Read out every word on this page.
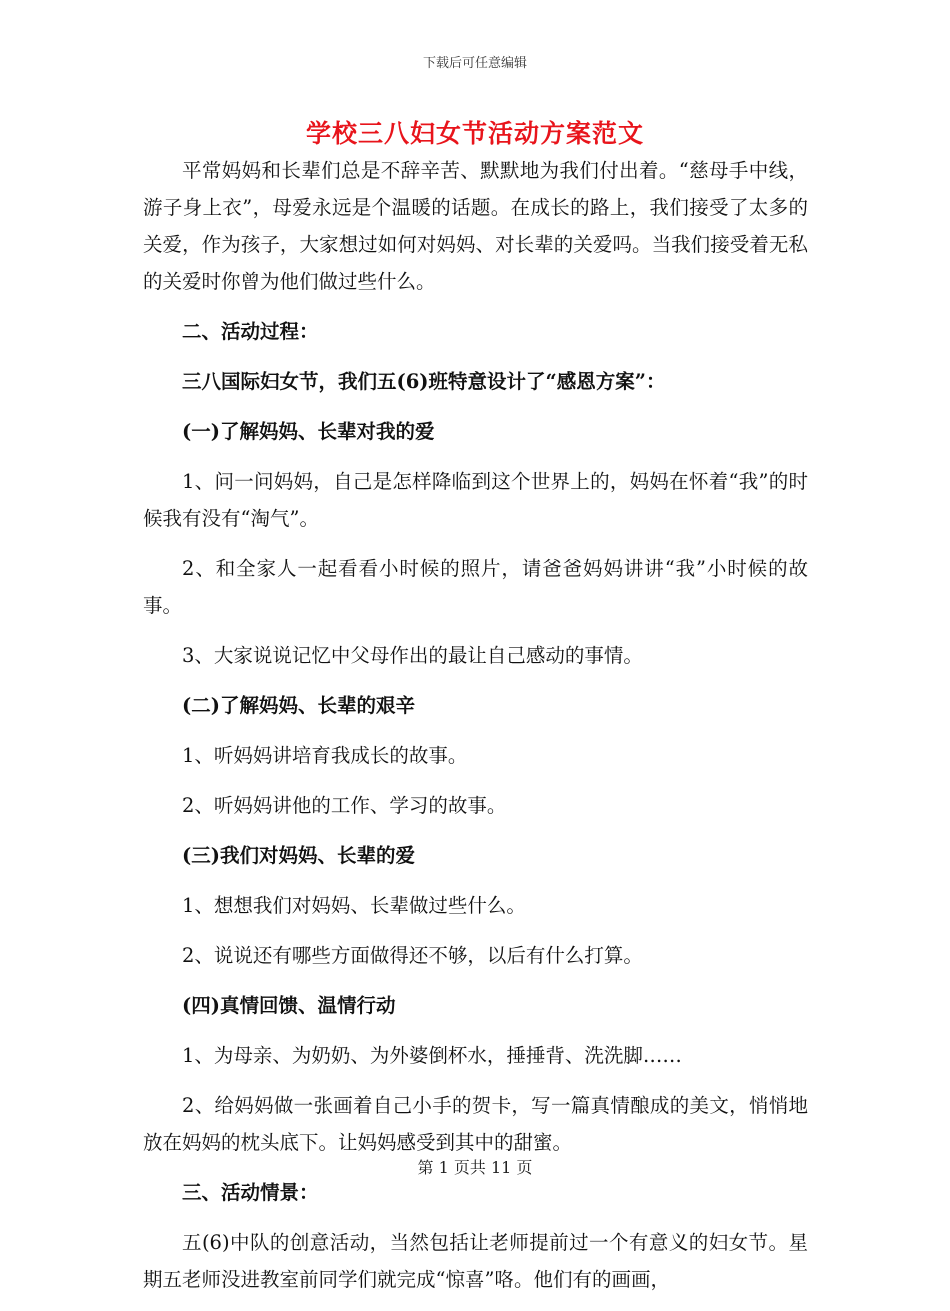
下载后可任意编辑
学校三八妇女节活动方案范文

平常妈妈和长辈们总是不辞辛苦、默默地为我们付出着。“慈母手中线，游子身上衣”，母爱永远是个温暖的话题。在成长的路上，我们接受了太多的关爱，作为孩子，大家想过如何对妈妈、对长辈的关爱吗。当我们接受着无私的关爱时你曾为他们做过些什么。

二、活动过程：

三八国际妇女节，我们五(6)班特意设计了“感恩方案”：

(一)了解妈妈、长辈对我的爱

1、问一问妈妈，自己是怎样降临到这个世界上的，妈妈在怀着“我”的时候我有没有“淘气”。

2、和全家人一起看看小时候的照片，请爸爸妈妈讲讲“我”小时候的故事。

3、大家说说记忆中父母作出的最让自己感动的事情。

(二)了解妈妈、长辈的艰辛

1、听妈妈讲培育我成长的故事。

2、听妈妈讲他的工作、学习的故事。

(三)我们对妈妈、长辈的爱

1、想想我们对妈妈、长辈做过些什么。

2、说说还有哪些方面做得还不够，以后有什么打算。

(四)真情回馈、温情行动

1、为母亲、为奶奶、为外婆倒杯水，捶捶背、洗洗脚……

2、给妈妈做一张画着自己小手的贺卡，写一篇真情酿成的美文，悄悄地放在妈妈的枕头底下。让妈妈感受到其中的甜蜜。

三、活动情景：

五(6)中队的创意活动，当然包括让老师提前过一个有意义的妇女节。星期五老师没进教室前同学们就完成“惊喜”咯。他们有的画画，

第 1 页共 11 页
